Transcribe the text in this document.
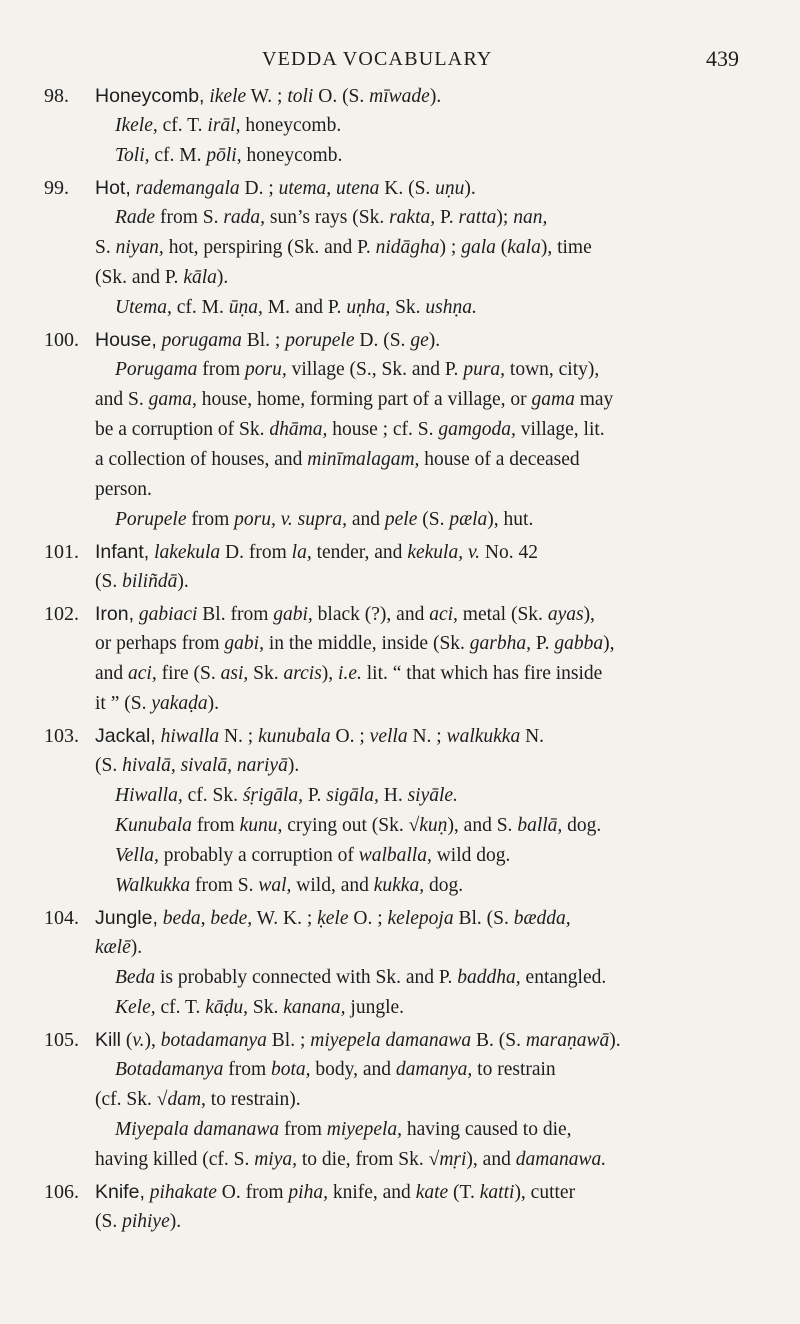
VEDDA VOCABULARY	439
98. Honeycomb, ikele W. ; toli O. (S. mīwade).
Ikele, cf. T. irāl, honeycomb.
Toli, cf. M. pōli, honeycomb.
99. Hot, rademangala D. ; utema, utena K. (S. uṇu).
Rade from S. rada, sun’s rays (Sk. rakta, P. ratta); nan,
S. niyan, hot, perspiring (Sk. and P. nidāgha) ; gala (kala), time
(Sk. and P. kāla).
Utema, cf. M. ūṇa, M. and P. uṇha, Sk. ushṇa.
100. House, porugama Bl. ; porupele D. (S. ge).
Porugama from poru, village (S., Sk. and P. pura, town, city),
and S. gama, house, home, forming part of a village, or gama may
be a corruption of Sk. dhāma, house ; cf. S. gamgoda, village, lit.
a collection of houses, and minīmalagam, house of a deceased
person.
Porupele from poru, v. supra, and pele (S. pæla), hut.
101. Infant, lakekula D. from la, tender, and kekula, v. No. 42
(S. biliñdā).
102. Iron, gabiaci Bl. from gabi, black (?), and aci, metal (Sk. ayas),
or perhaps from gabi, in the middle, inside (Sk. garbha, P. gabba),
and aci, fire (S. asi, Sk. arcis), i.e. lit. “ that which has fire inside
it ” (S. yakaḍa).
103. Jackal, hiwalla N. ; kunubala O. ; vella N. ; walkukka N.
(S. hivalā, sivalā, nariyā).
Hiwalla, cf. Sk. śṛigāla, P. sigāla, H. siyāle.
Kunubala from kunu, crying out (Sk. √kuṇ), and S. ballā, dog.
Vella, probably a corruption of walballa, wild dog.
Walkukka from S. wal, wild, and kukka, dog.
104. Jungle, beda, bede, W. K. ; ḳele O. ; kelepoja Bl. (S. bædda,
kælē).
Beda is probably connected with Sk. and P. baddha, entangled.
Kele, cf. T. kāḍu, Sk. kanana, jungle.
105. Kill (v.), botadamanya Bl. ; miyepela damanawa B. (S. maraṇawā).
Botadamanya from bota, body, and damanya, to restrain
(cf. Sk. √dam, to restrain).
Miyepala damanawa from miyepela, having caused to die,
having killed (cf. S. miya, to die, from Sk. √mṛi), and damanawa.
106. Knife, pihakate O. from piha, knife, and kate (T. katti), cutter
(S. pihiye).
